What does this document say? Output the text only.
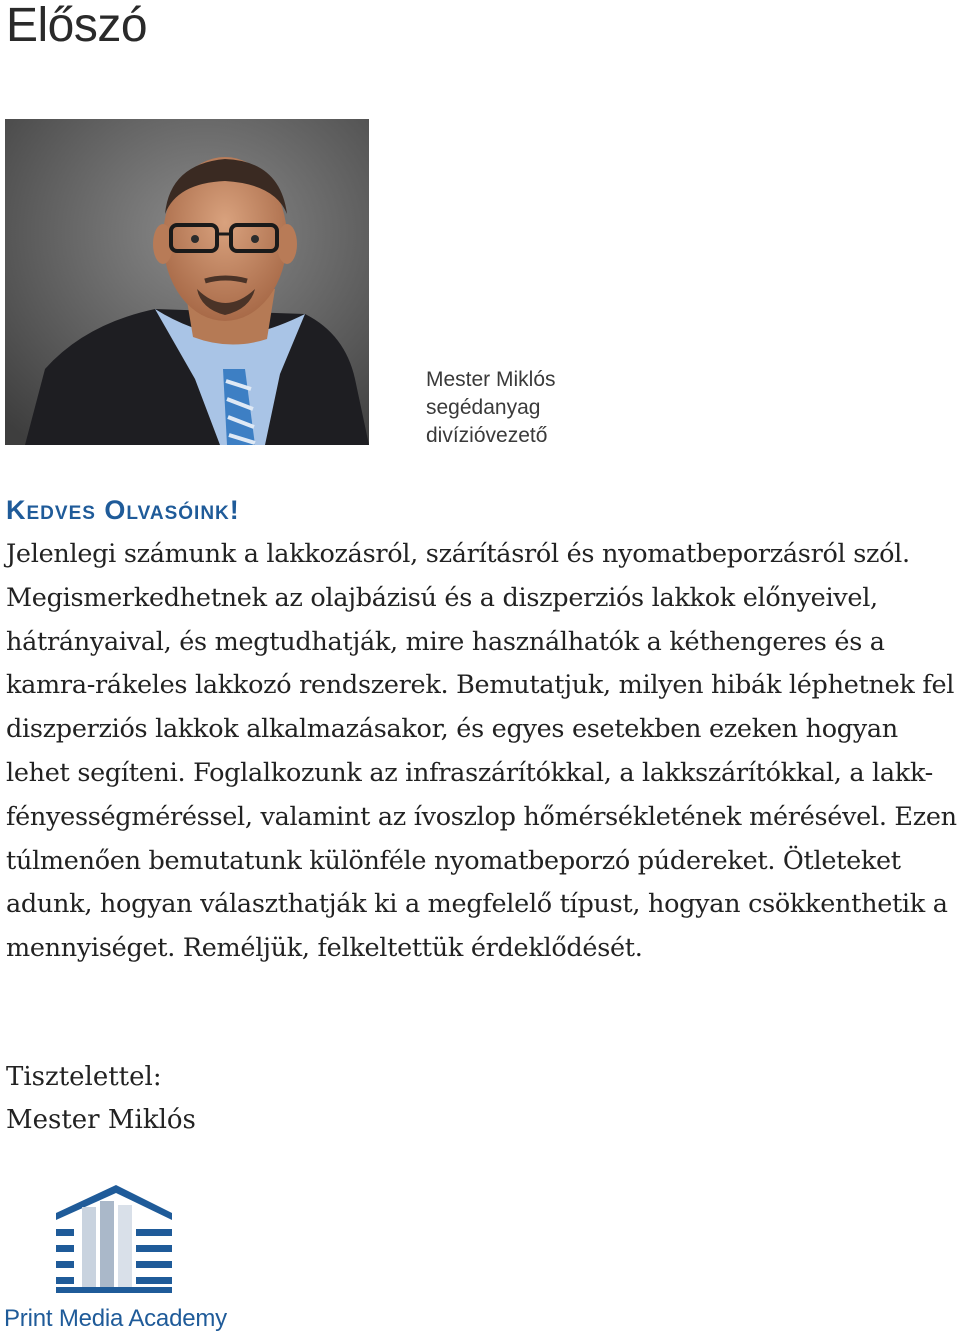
Előszó
Mester Miklós
segédanyag
divízióvezető
Kedves Olvasóink!

Jelenlegi számunk a lakkozásról, szárításról és nyomatbeporzásról szól. Megismerkedhetnek az olajbázisú és a diszperziós lakkok előnyeivel, hátrányaival, és megtudhatják, mire használhatók a kéthengeres és a kamra-rákeles lakkozó rendszerek. Bemutatjuk, milyen hibák léphetnek fel diszperziós lakkok alkalmazásakor, és egyes esetekben ezeken hogyan lehet segíteni. Foglalkozunk az infraszárítókkal, a lakkszárítókkal, a lakk-fényességméréssel, valamint az ívoszlop hőmérsékletének mérésével. Ezen túlmenően bemutatunk különféle nyomatbeporzó púdereket. Ötleteket adunk, hogyan választhatják ki a megfelelő típust, hogyan csökkenthetik a mennyiséget. Reméljük, felkeltettük érdeklődését.

Tisztelettel:
Mester Miklós
Print Media Academy
